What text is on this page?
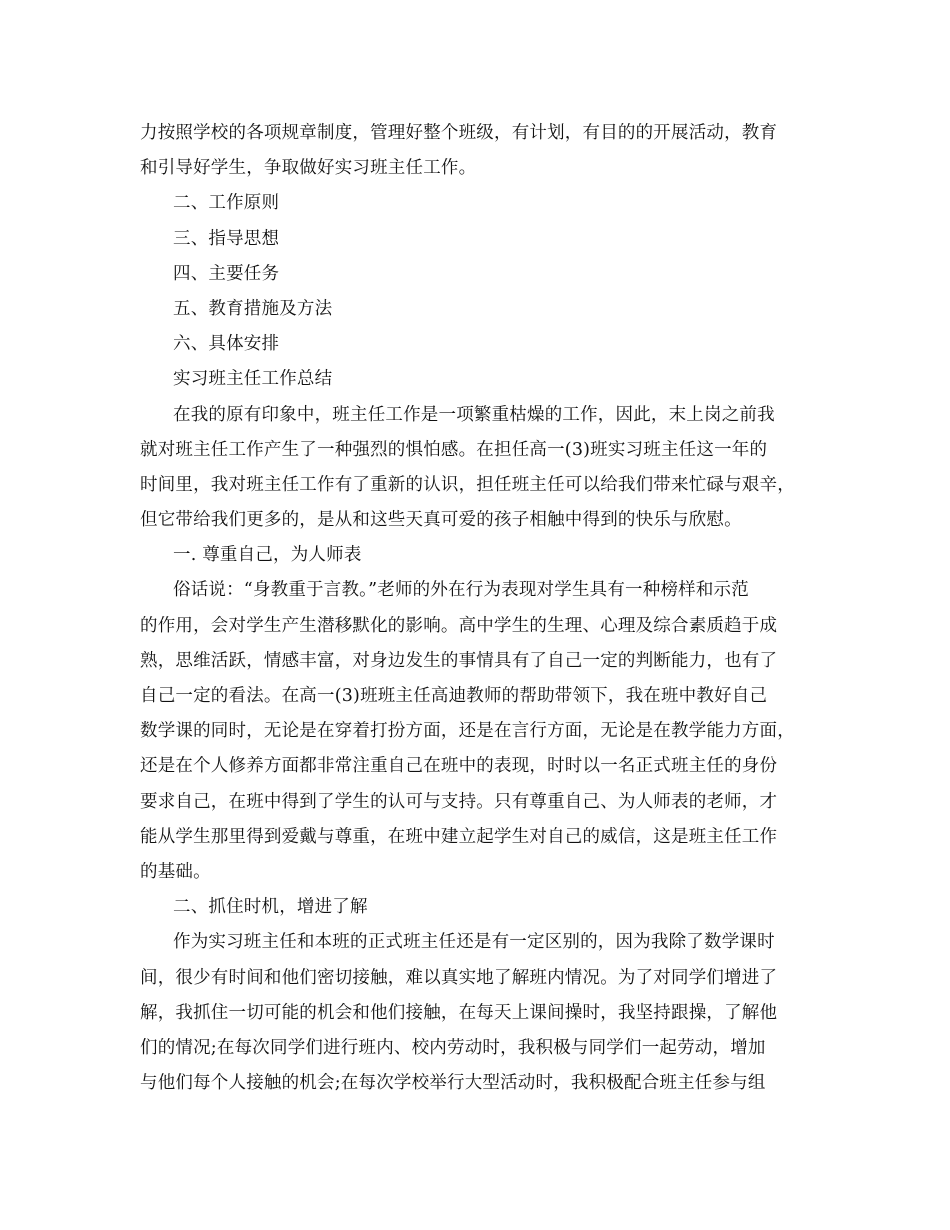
力按照学校的各项规章制度，管理好整个班级，有计划，有目的的开展活动，教育
和引导好学生，争取做好实习班主任工作。
二、工作原则
三、指导思想
四、主要任务
五、教育措施及方法
六、具体安排
实习班主任工作总结
在我的原有印象中，班主任工作是一项繁重枯燥的工作，因此，末上岗之前我
就对班主任工作产生了一种强烈的惧怕感。在担任高一(3)班实习班主任这一年的
时间里，我对班主任工作有了重新的认识，担任班主任可以给我们带来忙碌与艰辛，
但它带给我们更多的，是从和这些天真可爱的孩子相触中得到的快乐与欣慰。
一. 尊重自己，为人师表
俗话说：“身教重于言教。”老师的外在行为表现对学生具有一种榜样和示范
的作用，会对学生产生潜移默化的影响。高中学生的生理、心理及综合素质趋于成
熟，思维活跃，情感丰富，对身边发生的事情具有了自己一定的判断能力，也有了
自己一定的看法。在高一(3)班班主任高迪教师的帮助带领下，我在班中教好自己
数学课的同时，无论是在穿着打扮方面，还是在言行方面，无论是在教学能力方面，
还是在个人修养方面都非常注重自己在班中的表现，时时以一名正式班主任的身份
要求自己，在班中得到了学生的认可与支持。只有尊重自己、为人师表的老师，才
能从学生那里得到爱戴与尊重，在班中建立起学生对自己的威信，这是班主任工作
的基础。
二、抓住时机，增进了解
作为实习班主任和本班的正式班主任还是有一定区别的，因为我除了数学课时
间，很少有时间和他们密切接触，难以真实地了解班内情况。为了对同学们增进了
解，我抓住一切可能的机会和他们接触，在每天上课间操时，我坚持跟操，了解他
们的情况;在每次同学们进行班内、校内劳动时，我积极与同学们一起劳动，增加
与他们每个人接触的机会;在每次学校举行大型活动时，我积极配合班主任参与组
